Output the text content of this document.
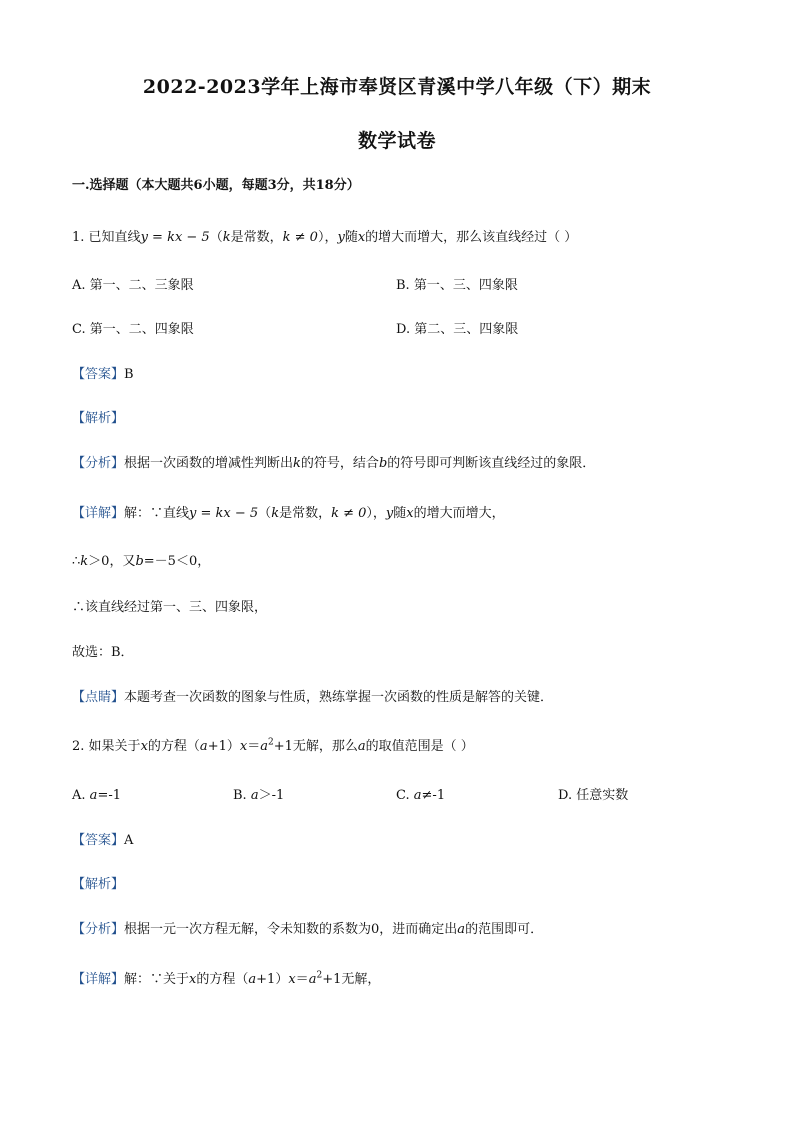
2022-2023学年上海市奉贤区青溪中学八年级（下）期末
数学试卷
一.选择题（本大题共6小题，每题3分，共18分）
1. 已知直线y = kx − 5（k是常数，k ≠ 0），y随x的增大而增大，那么该直线经过（ ）
A. 第一、二、三象限	B. 第一、三、四象限
C. 第一、二、四象限	D. 第二、三、四象限
【答案】B
【解析】
【分析】根据一次函数的增减性判断出k的符号，结合b的符号即可判断该直线经过的象限．
【详解】解：∵直线y = kx − 5（k是常数，k ≠ 0），y随x的增大而增大，
∴k＞0，又b=－5＜0，
∴该直线经过第一、三、四象限，
故选：B．
【点睛】本题考查一次函数的图象与性质，熟练掌握一次函数的性质是解答的关键．
2. 如果关于x的方程$(a+1)x=a^2+1$无解，那么a的取值范围是（ ）
A. a=-1	B. a＞-1	C. a≠-1	D. 任意实数
【答案】A
【解析】
【分析】根据一元一次方程无解，令未知数的系数为0，进而确定出a的范围即可．
【详解】解：∵关于x的方程$(a+1)x=a^2+1$无解，
